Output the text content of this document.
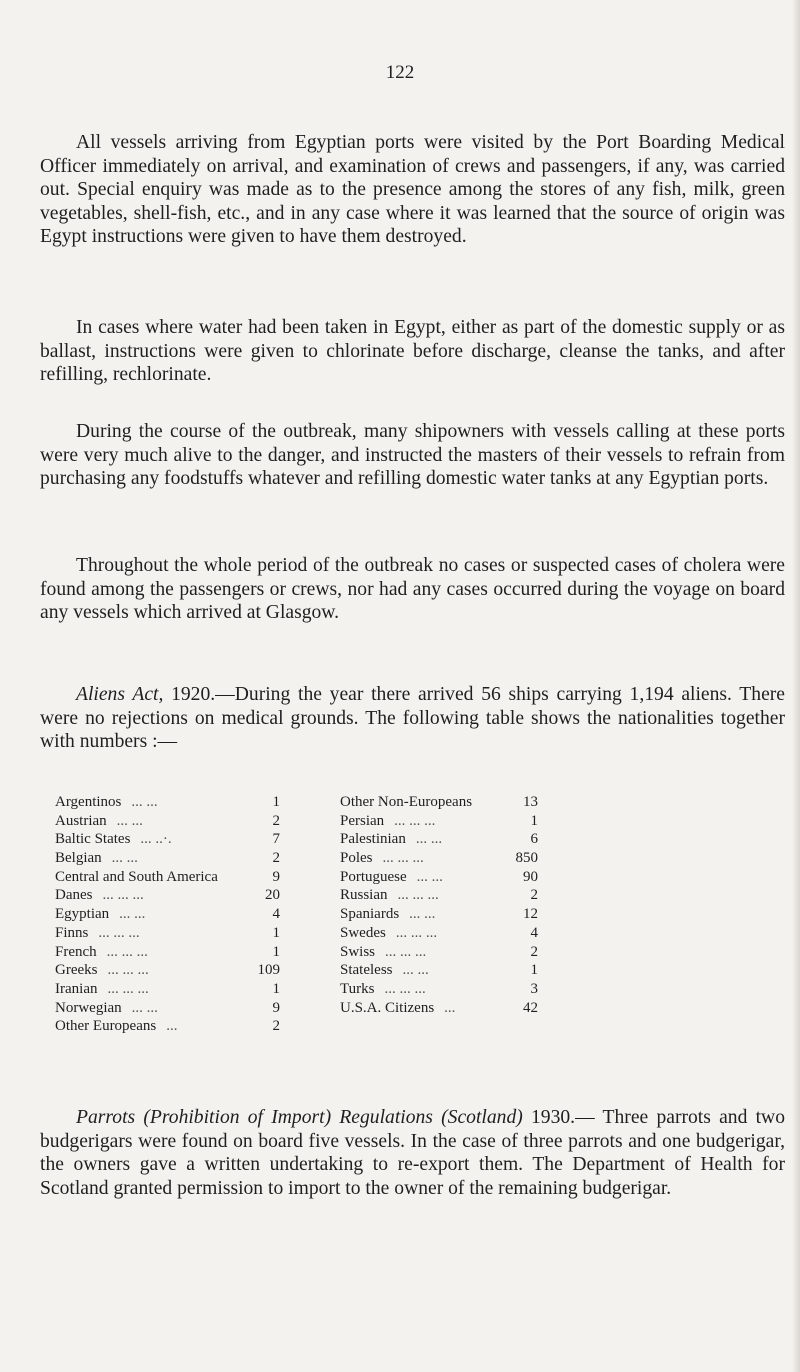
122
All vessels arriving from Egyptian ports were visited by the Port Boarding Medical Officer immediately on arrival, and examination of crews and passengers, if any, was carried out. Special enquiry was made as to the presence among the stores of any fish, milk, green vegetables, shell-fish, etc., and in any case where it was learned that the source of origin was Egypt instructions were given to have them destroyed.
In cases where water had been taken in Egypt, either as part of the domestic supply or as ballast, instructions were given to chlorinate before discharge, cleanse the tanks, and after refilling, rechlorinate.
During the course of the outbreak, many shipowners with vessels calling at these ports were very much alive to the danger, and instructed the masters of their vessels to refrain from purchasing any foodstuffs whatever and refilling domestic water tanks at any Egyptian ports.
Throughout the whole period of the outbreak no cases or suspected cases of cholera were found among the passengers or crews, nor had any cases occurred during the voyage on board any vessels which arrived at Glasgow.
Aliens Act, 1920.—During the year there arrived 56 ships carrying 1,194 aliens. There were no rejections on medical grounds. The following table shows the nationalities together with numbers :—
Parrots (Prohibition of Import) Regulations (Scotland) 1930.— Three parrots and two budgerigars were found on board five vessels. In the case of three parrots and one budgerigar, the owners gave a written undertaking to re-export them. The Department of Health for Scotland granted permission to import to the owner of the remaining budgerigar.
Argentinos ... ...	1
Austrian ... ...	2
Baltic States ... ..·.	7
Belgian ... ...	2
Central and South America	9
Danes ... ... ...	20
Egyptian ... ...	4
Finns ... ... ...	1
French ... ... ...	1
Greeks ... ... ...	109
Iranian ... ... ...	1
Norwegian ... ...	9
Other Europeans ...	2
Other Non-Europeans	13
Persian ... ... ...	1
Palestinian ... ...	6
Poles ... ... ...	850
Portuguese ... ...	90
Russian ... ... ...	2
Spaniards ... ...	12
Swedes ... ... ...	4
Swiss ... ... ...	2
Stateless ... ...	1
Turks ... ... ...	3
U.S.A. Citizens ...	42
